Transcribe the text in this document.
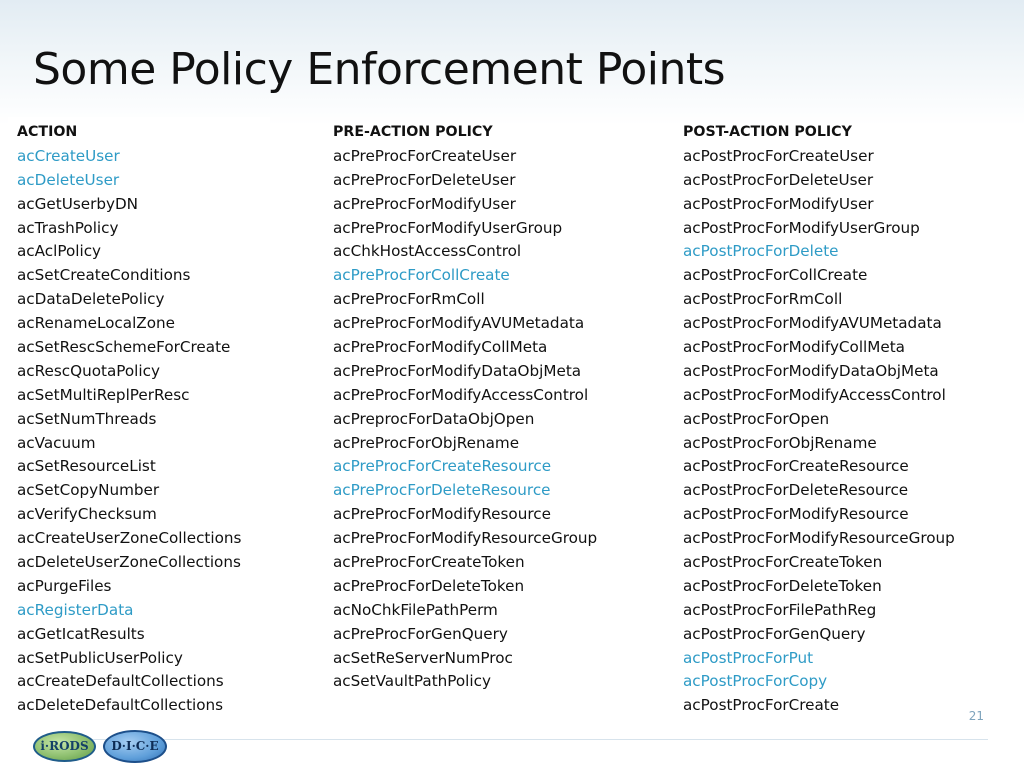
Some Policy Enforcement Points
ACTION
acCreateUser
acDeleteUser
acGetUserbyDN
acTrashPolicy
acAclPolicy
acSetCreateConditions
acDataDeletePolicy
acRenameLocalZone
acSetRescSchemeForCreate
acRescQuotaPolicy
acSetMultiReplPerResc
acSetNumThreads
acVacuum
acSetResourceList
acSetCopyNumber
acVerifyChecksum
acCreateUserZoneCollections
acDeleteUserZoneCollections
acPurgeFiles
acRegisterData
acGetIcatResults
acSetPublicUserPolicy
acCreateDefaultCollections
acDeleteDefaultCollections
PRE-ACTION POLICY
acPreProcForCreateUser
acPreProcForDeleteUser
acPreProcForModifyUser
acPreProcForModifyUserGroup
acChkHostAccessControl
acPreProcForCollCreate
acPreProcForRmColl
acPreProcForModifyAVUMetadata
acPreProcForModifyCollMeta
acPreProcForModifyDataObjMeta
acPreProcForModifyAccessControl
acPreprocForDataObjOpen
acPreProcForObjRename
acPreProcForCreateResource
acPreProcForDeleteResource
acPreProcForModifyResource
acPreProcForModifyResourceGroup
acPreProcForCreateToken
acPreProcForDeleteToken
acNoChkFilePathPerm
acPreProcForGenQuery
acSetReServerNumProc
acSetVaultPathPolicy
POST-ACTION POLICY
acPostProcForCreateUser
acPostProcForDeleteUser
acPostProcForModifyUser
acPostProcForModifyUserGroup
acPostProcForDelete
acPostProcForCollCreate
acPostProcForRmColl
acPostProcForModifyAVUMetadata
acPostProcForModifyCollMeta
acPostProcForModifyDataObjMeta
acPostProcForModifyAccessControl
acPostProcForOpen
acPostProcForObjRename
acPostProcForCreateResource
acPostProcForDeleteResource
acPostProcForModifyResource
acPostProcForModifyResourceGroup
acPostProcForCreateToken
acPostProcForDeleteToken
acPostProcForFilePathReg
acPostProcForGenQuery
acPostProcForPut
acPostProcForCopy
acPostProcForCreate
21
i·RODS	D·I·C·E
